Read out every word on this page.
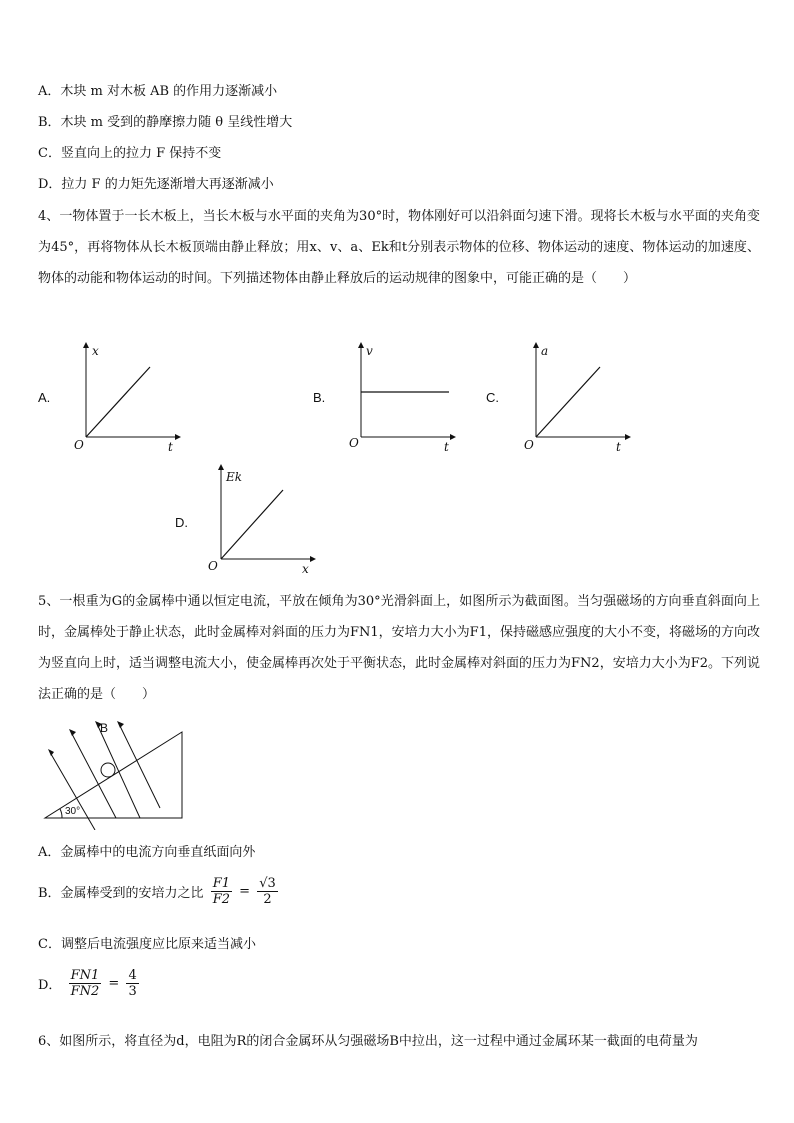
A．木块 m 对木板 AB 的作用力逐渐减小
B．木块 m 受到的静摩擦力随 θ 呈线性增大
C．竖直向上的拉力 F 保持不变
D．拉力 F 的力矩先逐渐增大再逐渐减小
4、一物体置于一长木板上，当长木板与水平面的夹角为30°时，物体刚好可以沿斜面匀速下滑。现将长木板与水平面的夹角变为45°，再将物体从长木板顶端由静止释放；用x、v、a、Ek和t分别表示物体的位移、物体运动的速度、物体运动的加速度、物体的动能和物体运动的时间。下列描述物体由静止释放后的运动规律的图象中，可能正确的是（　　）
A.
x
O	t
B.
v
O	t
C.
a
O	t
D.
Ek
O	x
5、一根重为G的金属棒中通以恒定电流，平放在倾角为30°光滑斜面上，如图所示为截面图。当匀强磁场的方向垂直斜面向上时，金属棒处于静止状态，此时金属棒对斜面的压力为FN1，安培力大小为F1，保持磁感应强度的大小不变，将磁场的方向改为竖直向上时，适当调整电流大小，使金属棒再次处于平衡状态，此时金属棒对斜面的压力为FN2，安培力大小为F2。下列说法正确的是（　　）
B
30°
A．金属棒中的电流方向垂直纸面向外
B．金属棒受到的安培力之比 $\frac{F1}{F2} = \frac{√3}{2}$
C．调整后电流强度应比原来适当减小
D． $\frac{FN1}{FN2} = \frac{4}{3}$
6、如图所示，将直径为d，电阻为R的闭合金属环从匀强磁场B中拉出，这一过程中通过金属环某一截面的电荷量为
